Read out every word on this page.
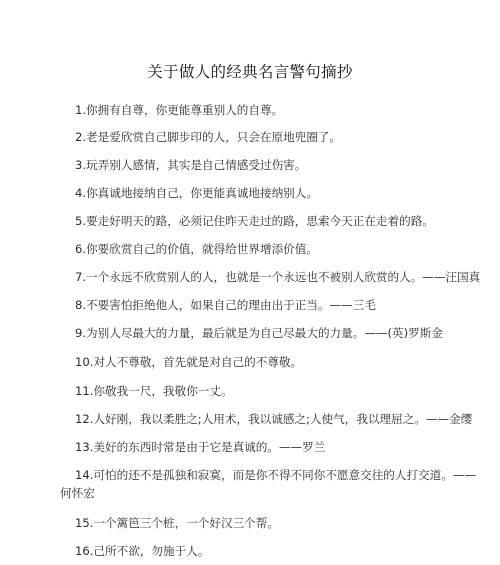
关于做人的经典名言警句摘抄
1.你拥有自尊，你更能尊重别人的自尊。
2.老是爱欣赏自己脚步印的人，只会在原地兜圈了。
3.玩弄别人感情，其实是自己情感受过伤害。
4.你真诚地接纳自己，你更能真诚地接纳别人。
5.要走好明天的路，必须记住昨天走过的路，思索今天正在走着的路。
6.你要欣赏自己的价值，就得给世界增添价值。
7.一个永远不欣赏别人的人，也就是一个永远也不被别人欣赏的人。——汪国真
8.不要害怕拒绝他人，如果自己的理由出于正当。——三毛
9.为别人尽最大的力量，最后就是为自己尽最大的力量。——(英)罗斯金
10.对人不尊敬，首先就是对自己的不尊敬。
11.你敬我一尺，我敬你一丈。
12.人好刚，我以柔胜之;人用术，我以诚感之;人使气，我以理屈之。——金缨
13.美好的东西时常是由于它是真诚的。——罗兰
14.可怕的还不是孤独和寂寞，而是你不得不同你不愿意交往的人打交道。——
何怀宏
15.一个篱笆三个桩，一个好汉三个帮。
16.己所不欲，勿施于人。
